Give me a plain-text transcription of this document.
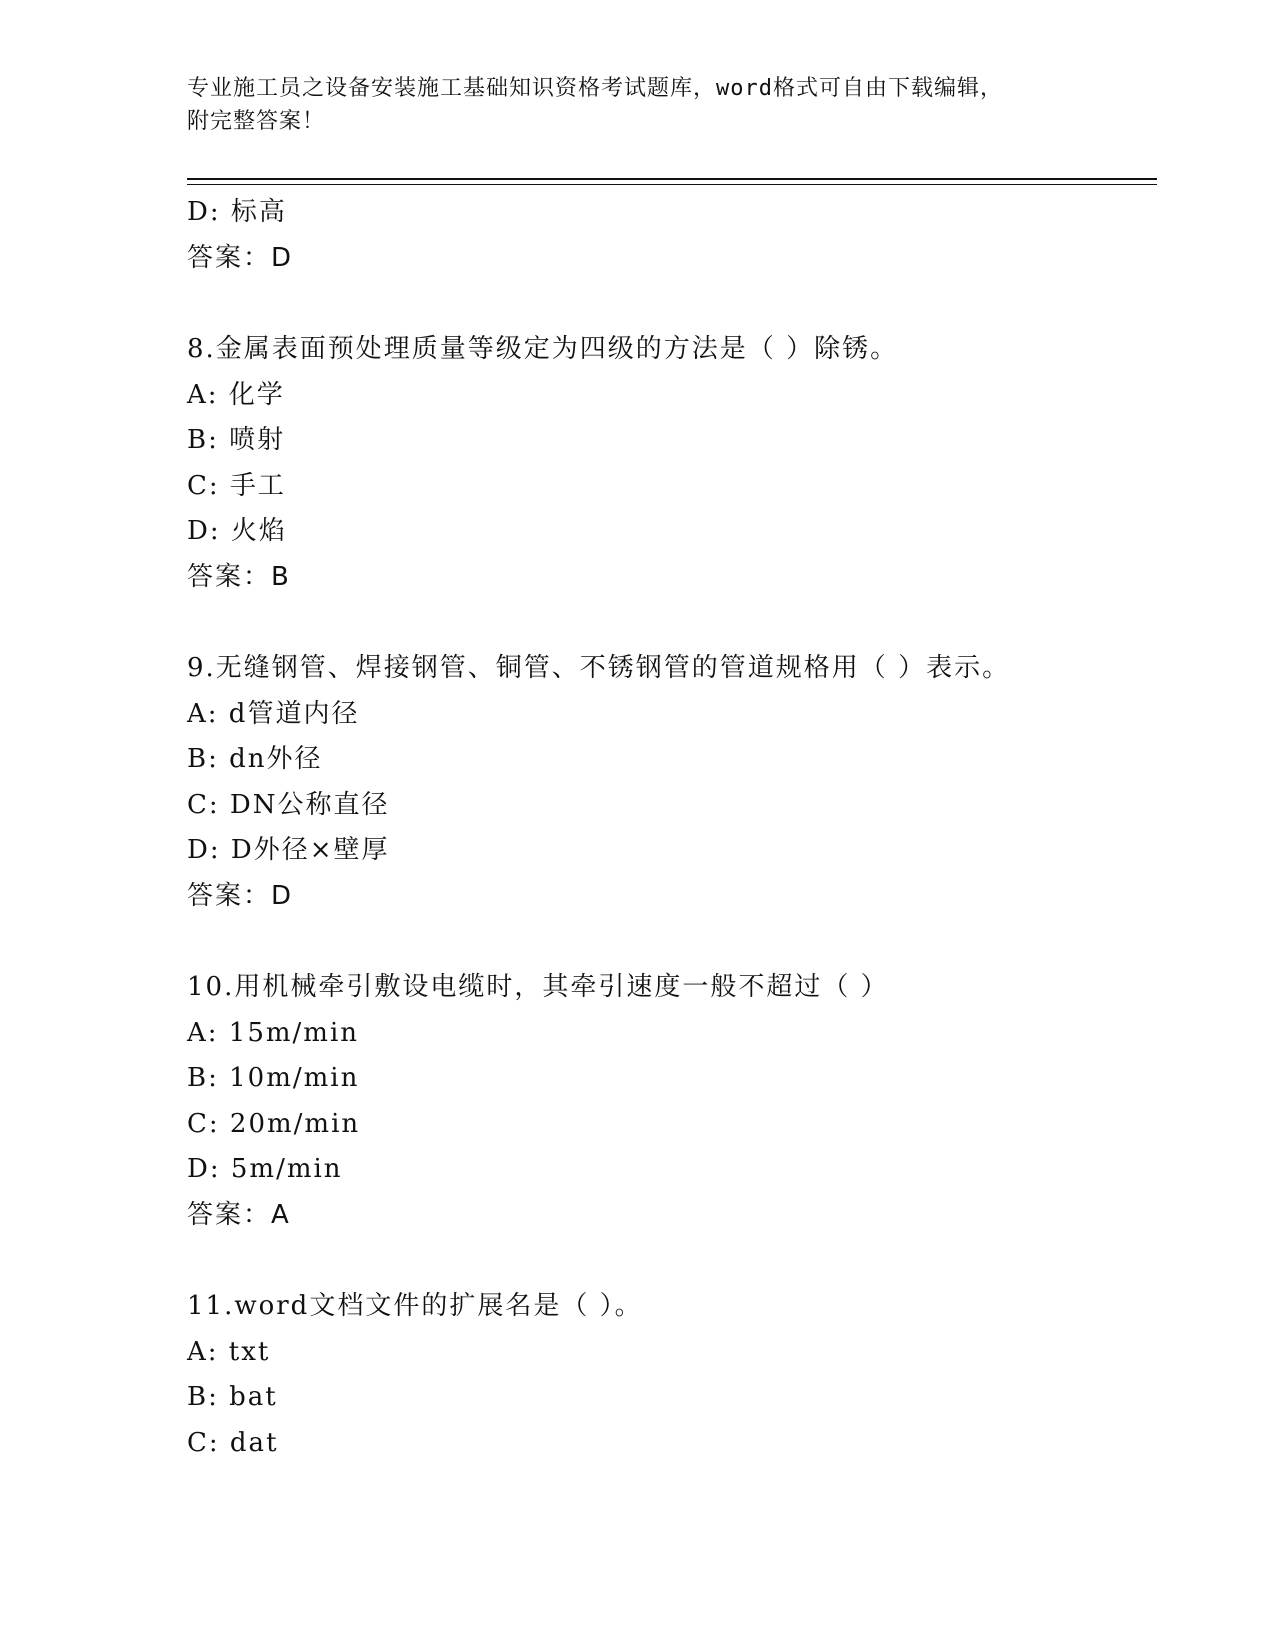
专业施工员之设备安装施工基础知识资格考试题库，word格式可自由下载编辑，
附完整答案！
D: 标高
答案：D
8.金属表面预处理质量等级定为四级的方法是（ ）除锈。
A: 化学
B: 喷射
C: 手工
D: 火焰
答案：B
9.无缝钢管、焊接钢管、铜管、不锈钢管的管道规格用（ ）表示。
A: d管道内径
B: dn外径
C: DN公称直径
D: D外径×壁厚
答案：D
10.用机械牵引敷设电缆时，其牵引速度一般不超过（ ）
A: 15m/min
B: 10m/min
C: 20m/min
D: 5m/min
答案：A
11.word文档文件的扩展名是（ ）。
A: txt
B: bat
C: dat
